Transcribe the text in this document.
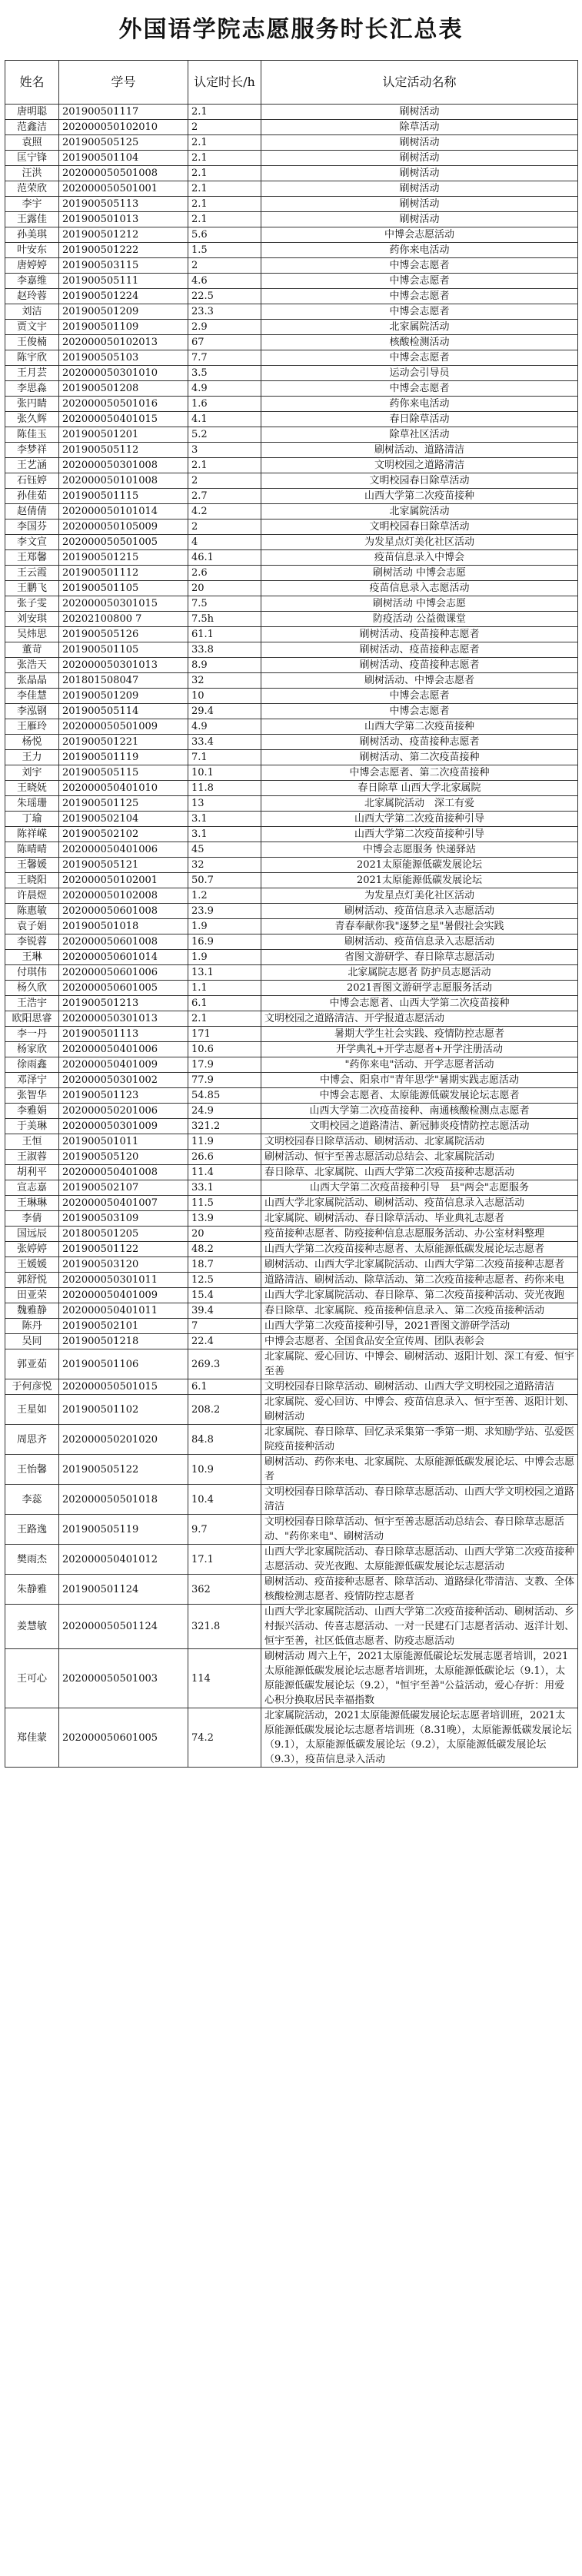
外国语学院志愿服务时长汇总表
姓名	学号	认定时长/h	认定活动名称
唐明聪	201900501117	2.1	刷树活动
范鑫洁	202000050102010	2	除草活动
袁照	201900505125	2.1	刷树活动
匡宁锋	201900501104	2.1	刷树活动
汪洪	202000050501008	2.1	刷树活动
范荣欣	202000050501001	2.1	刷树活动
李宇	201900505113	2.1	刷树活动
王露佳	201900501013	2.1	刷树活动
孙美琪	201900501212	5.6	中博会志愿活动
叶安东	201900501222	1.5	药你来电活动
唐婷婷	201900503115	2	中博会志愿者
李嘉维	201900505111	4.6	中博会志愿者
赵玲蓉	201900501224	22.5	中博会志愿者
刘洁	201900501209	23.3	中博会志愿者
贾文宇	201900501109	2.9	北家属院活动
王俊楠	202000050102013	67	核酸检测活动
陈宇欣	201900505103	7.7	中博会志愿者
王月芸	202000050301010	3.5	运动会引导员
李思淼	201900501208	4.9	中博会志愿者
张円睛	202000050501016	1.6	药你来电活动
张久辉	202000050401015	4.1	春日除草活动
陈佳玉	201900501201	5.2	除草社区活动
李梦祥	201900505112	3	刷树活动、道路清洁
王艺涵	202000050301008	2.1	文明校园之道路清洁
石钰婷	202000050101008	2	文明校园春日除草活动
孙佳茹	201900501115	2.7	山西大学第二次疫苗接种
赵倩倩	202000050101014	4.2	北家属院活动
李国芬	202000050105009	2	文明校园春日除草活动
李文宣	202000050501005	4	为发星点灯美化社区活动
王郑馨	201900501215	46.1	疫苗信息录入中博会
王云霞	201900501112	2.6	刷树活动 中博会志愿
王鹏飞	201900501105	20	疫苗信息录入志愿活动
张子雯	202000050301015	7.5	刷树活动 中博会志愿
刘安琪	20202100800 7	7.5h	防疫活动 公益微课堂
吴炜思	201900505126	61.1	刷树活动、疫苗接种志愿者
董苛	201900501105	33.8	刷树活动、疫苗接种志愿者
张浩天	202000050301013	8.9	刷树活动、疫苗接种志愿者
张晶晶	201801508047	32	刷树活动、中博会志愿者
李佳慧	201900501209	10	中博会志愿者
李泓钢	201900505114	29.4	中博会志愿者
王雁玲	202000050501009	4.9	山西大学第二次疫苗接种
杨悦	201900501221	33.4	刷树活动、疫苗接种志愿者
王力	201900501119	7.1	刷树活动、第二次疫苗接种
刘宇	201900505115	10.1	中博会志愿者、第二次疫苗接种
王晓妩	202000050401010	11.8	春日除草 山西大学北家属院
朱瑶珊	201900501125	13	北家属院活动　深工有爱
丁瑜	201900502104	3.1	山西大学第二次疫苗接种引导
陈祥嵘	201900502102	3.1	山西大学第二次疫苗接种引导
陈晴晴	202000050401006	45	中博会志愿服务 快递驿站
王馨媛	201900505121	32	2021太原能源低碳发展论坛
王晓阳	202000050102001	50.7	2021太原能源低碳发展论坛
许晨煜	202000050102008	1.2	为发星点灯美化社区活动
陈惠敏	202000050601008	23.9	刷树活动、疫苗信息录入志愿活动
袁子娟	201900501018	1.9	青春奉献你我"逐梦之星"暑假社会实践
李锐蓉	202000050601008	16.9	刷树活动、疫苗信息录入志愿活动
王琳	202000050601014	1.9	省图文游研学、春日除草志愿活动
付琪伟	202000050601006	13.1	北家属院志愿者 防护员志愿活动
杨久欣	202000050601005	1.1	2021晋图文游研学志愿服务活动
王浩宇	201900501213	6.1	中博会志愿者、山西大学第二次疫苗接种
欧阳思睿	202000050301013	2.1	文明校园之道路清洁、开学报道志愿活动
李一丹	201900501113	171	暑期大学生社会实践、疫情防控志愿者
杨家欣	202000050401006	10.6	开学典礼+开学志愿者+开学注册活动
徐雨鑫	202000050401009	17.9	"药你来电"活动、开学志愿者活动
邓泽宁	202000050301002	77.9	中博会、阳泉市"青年思学"暑期实践志愿活动
张智华	201900501123	54.85	中博会志愿者、太原能源低碳发展论坛志愿者
李雅娟	202000050201006	24.9	山西大学第二次疫苗接种、南通核酸检测点志愿者
于美琳	202000050301009	321.2	文明校园之道路清洁、新冠肺炎疫情防控志愿活动
王恒	201900501011	11.9	文明校园春日除草活动、刷树活动、北家属院活动
王淑蓉	201900505120	26.6	刷树活动、恒宇至善志愿活动总结会、北家属院活动
胡利平	202000050401008	11.4	春日除草、北家属院、山西大学第二次疫苗接种志愿活动
宣志嘉	201900502107	33.1	山西大学第二次疫苗接种引导　县"两会"志愿服务
王琳琳	202000050401007	11.5	山西大学北家属院活动、刷树活动、疫苗信息录入志愿活动
李倩	201900503109	13.9	北家属院、刷树活动、春日除草活动、毕业典礼志愿者
国远辰	201800501205	20	疫苗接种志愿者、防疫接种信息志愿服务活动、办公室材料整理
张婷婷	201900501122	48.2	山西大学第二次疫苗接种志愿者、太原能源低碳发展论坛志愿者
王媛媛	201900503120	18.7	刷树活动、山西大学北家属院活动、山西大学第二次疫苗接种志愿者
郭舒悦	202000050301011	12.5	道路清洁、刷树活动、除草活动、第二次疫苗接种志愿者、药你来电
田亚荣	202000050401009	15.4	山西大学北家属院活动、春日除草、第二次疫苗接种活动、荧光夜跑
魏雅静	202000050401011	39.4	春日除草、北家属院、疫苗接种信息录入、第二次疫苗接种活动
陈丹	201900502101	7	山西大学第二次疫苗接种引导，2021晋图文游研学活动
吴同	201900501218	22.4	中博会志愿者、全国食品安全宣传周、团队表彰会
郭亚茹	201900501106	269.3	北家属院、爱心回访、中博会、刷树活动、返阳计划、深工有爱、恒宇至善
于何彦悦	202000050501015	6.1	文明校园春日除草活动、刷树活动、山西大学文明校园之道路清洁
王星如	201900501102	208.2	北家属院、爱心回访、中博会、疫苗信息录入、恒宇至善、返阳计划、刷树活动
周思齐	202000050201020	84.8	北家属院、春日除草、回忆录采集第一季第一期、求知励学站、弘爱医院疫苗接种活动
王怡馨	201900505122	10.9	刷树活动、药你来电、北家属院、太原能源低碳发展论坛、中博会志愿者
李蕊	202000050501018	10.4	文明校园春日除草活动、春日除草志愿活动、山西大学文明校园之道路清洁
王路逸	201900505119	9.7	文明校园春日除草活动、恒宇至善志愿活动总结会、春日除草志愿活动、"药你来电"、刷树活动
樊雨杰	202000050401012	17.1	山西大学北家属院活动、春日除草志愿活动、山西大学第二次疫苗接种志愿活动、荧光夜跑、太原能源低碳发展论坛志愿活动
朱静雅	201900501124	362	刷树活动、疫苗接种志愿者、除草活动、道路绿化带清洁、支教、全体核酸检测志愿者、疫情防控志愿者
姜慧敏	202000050501124	321.8	山西大学北家属院活动、山西大学第二次疫苗接种活动、刷树活动、乡村振兴活动、传喜志愿活动、一对一民建石门志愿者活动、返洋计划、恒宇至善，社区低值志愿者、防疫志愿活动
王可心	202000050501003	114	刷树活动 周六上午，2021太原能源低碳论坛发展志愿者培训，2021太原能源低碳发展论坛志愿者培训班，太原能源低碳论坛（9.1），太原能源低碳发展论坛（9.2），"恒宇至善"公益活动，爱心存折：用爱心积分换取居民幸福指数
郑佳蒙	202000050601005	74.2	北家属院活动，2021太原能源低碳发展论坛志愿者培训班，2021太原能源低碳发展论坛志愿者培训班（8.31晚），太原能源低碳发展论坛（9.1），太原能源低碳发展论坛（9.2），太原能源低碳发展论坛（9.3），疫苗信息录入活动
